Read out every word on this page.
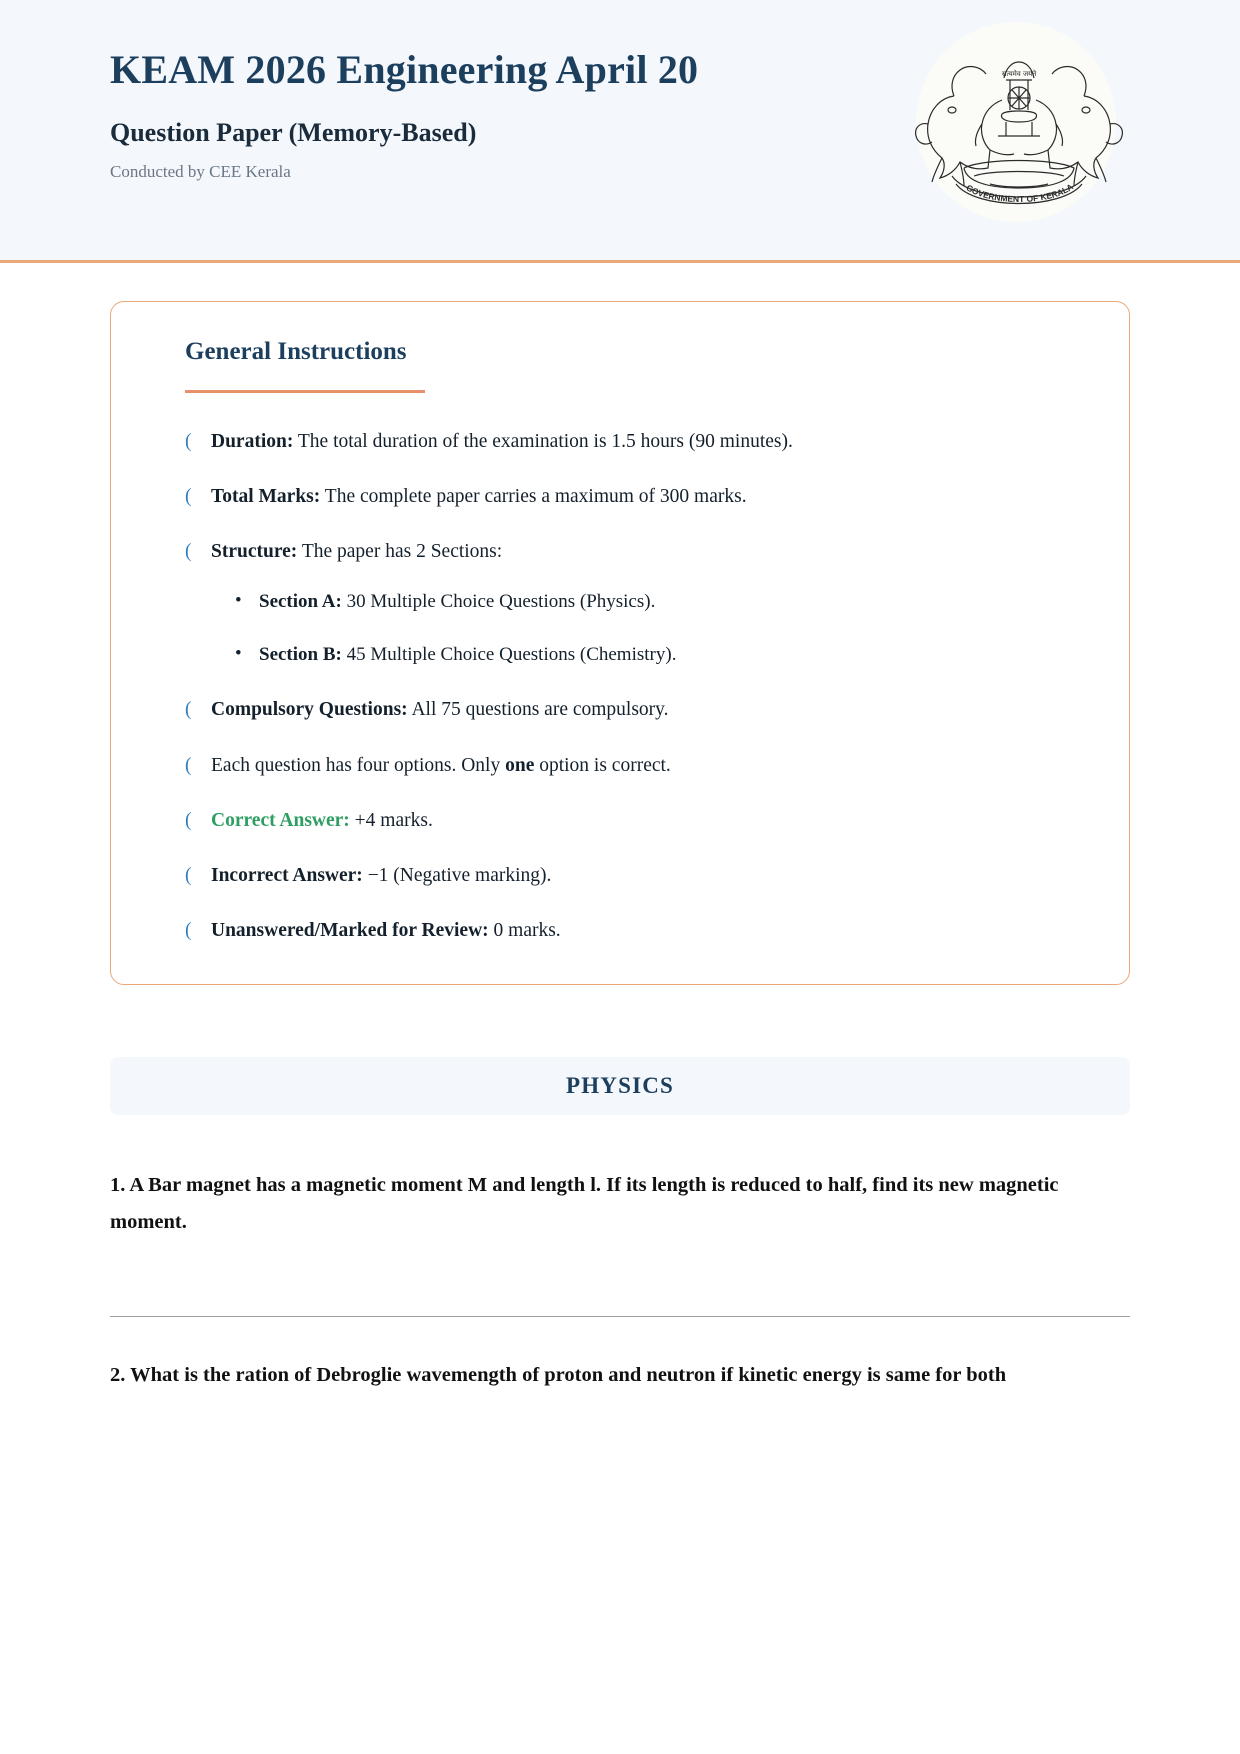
KEAM 2026 Engineering April 20
Question Paper (Memory-Based)

Conducted by CEE Kerala

सत्यमेव जयते
GOVERNMENT OF KERALA
General Instructions
( Duration: The total duration of the examination is 1.5 hours (90 minutes).
( Total Marks: The complete paper carries a maximum of 300 marks.
( Structure: The paper has 2 Sections:
• Section A: 30 Multiple Choice Questions (Physics).
• Section B: 45 Multiple Choice Questions (Chemistry).
( Compulsory Questions: All 75 questions are compulsory.
( Each question has four options. Only one option is correct.
( Correct Answer: +4 marks.
( Incorrect Answer: −1 (Negative marking).
( Unanswered/Marked for Review: 0 marks.
PHYSICS

1. A Bar magnet has a magnetic moment M and length l. If its length is reduced to half, find its new magnetic moment.

2. What is the ration of Debroglie wavemength of proton and neutron if kinetic energy is same for both
